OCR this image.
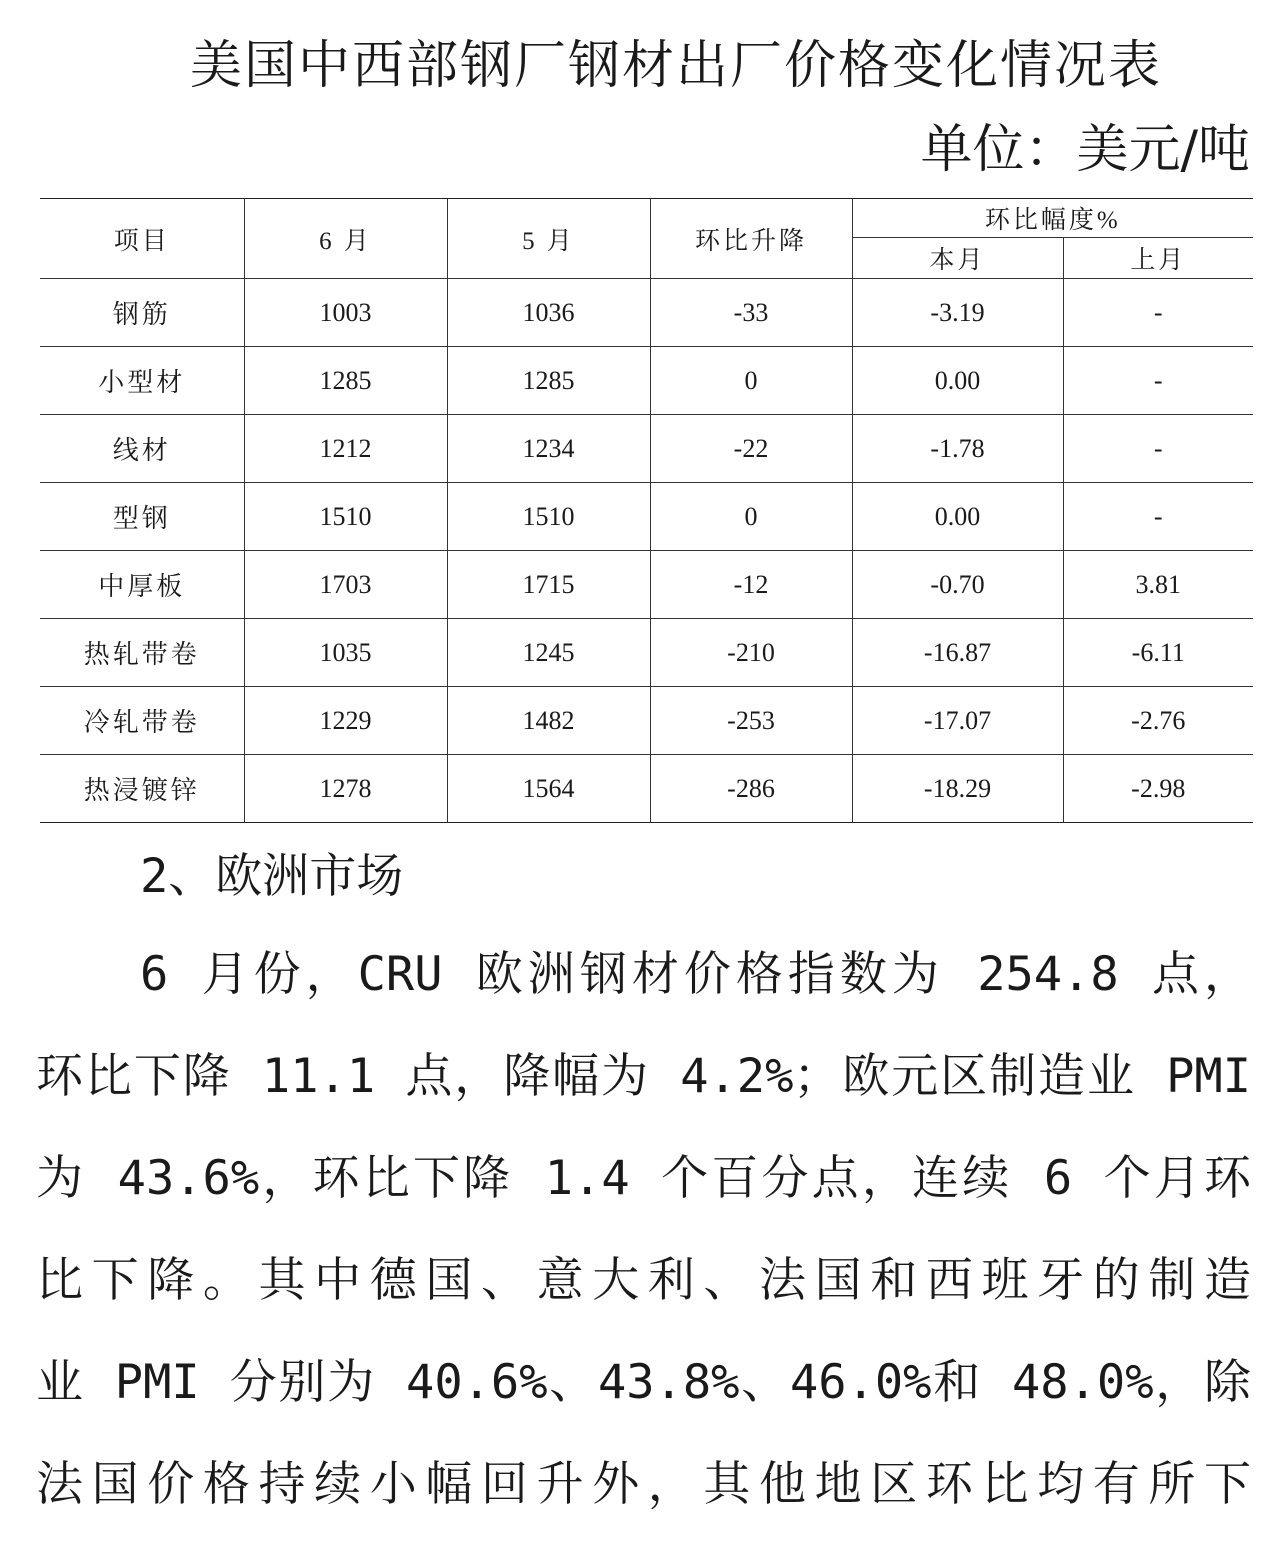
美国中西部钢厂钢材出厂价格变化情况表
单位：美元/吨
项目	6 月	5 月	环比升降	环比幅度%	
				本月	上月
钢筋	1003	1036	-33	-3.19	-
小型材	1285	1285	0	0.00	-
线材	1212	1234	-22	-1.78	-
型钢	1510	1510	0	0.00	-
中厚板	1703	1715	-12	-0.70	3.81
热轧带卷	1035	1245	-210	-16.87	-6.11
冷轧带卷	1229	1482	-253	-17.07	-2.76
热浸镀锌	1278	1564	-286	-18.29	-2.98
2、欧洲市场
6 月份，CRU 欧洲钢材价格指数为 254.8 点，
环比下降 11.1 点，降幅为 4.2%；欧元区制造业 PMI
为 43.6%，环比下降 1.4 个百分点，连续 6 个月环
比下降。其中德国、意大利、法国和西班牙的制造
业 PMI 分别为 40.6%、43.8%、46.0%和 48.0%，除
法国价格持续小幅回升外，其他地区环比均有所下
